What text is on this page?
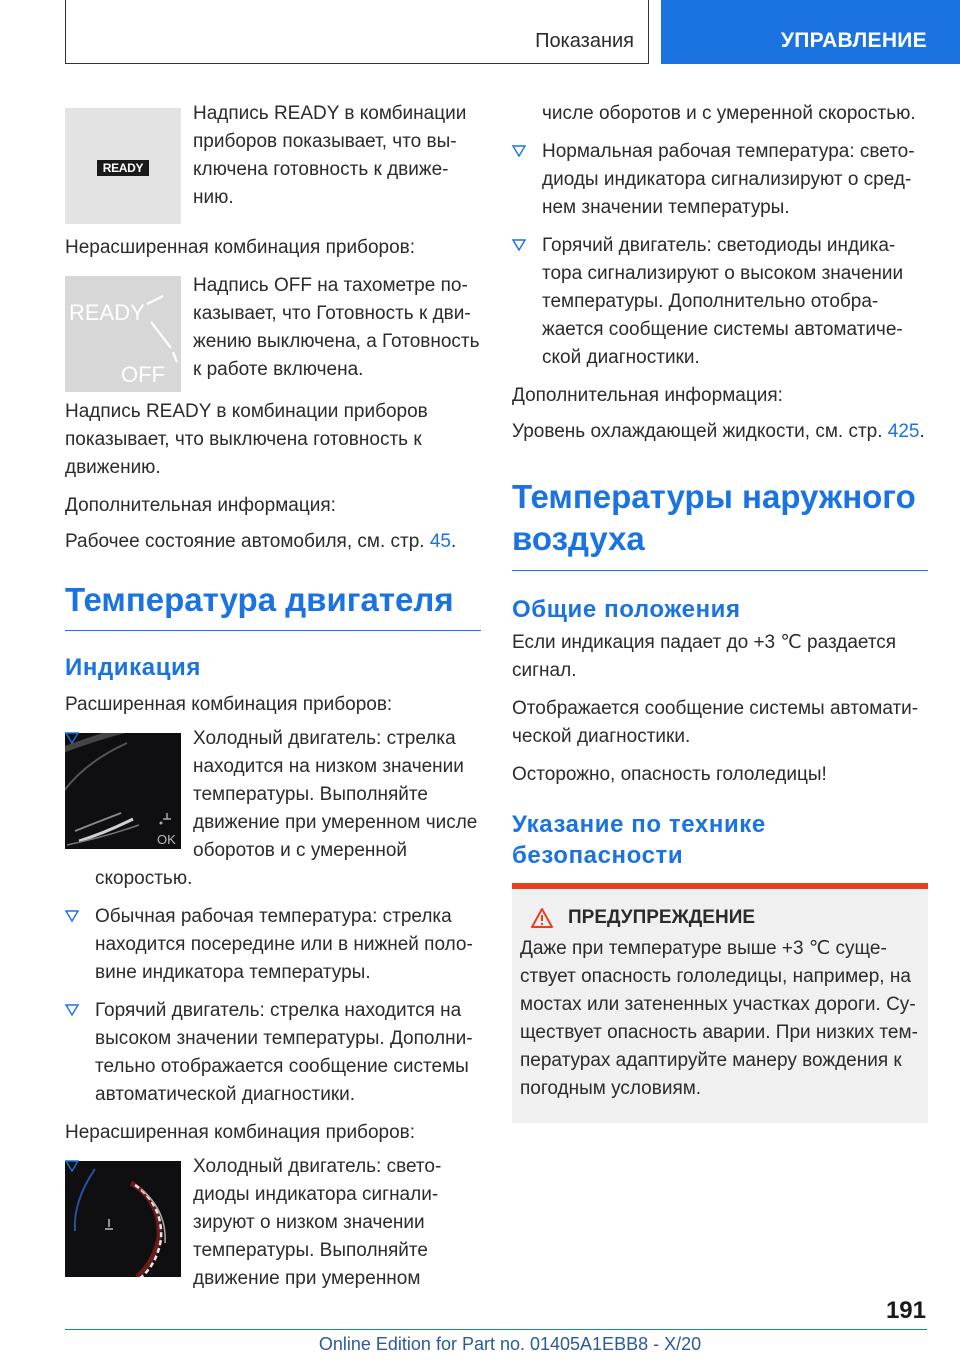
Показания	УПРАВЛЕНИЕ
READY

Надпись READY в комбинации приборов показывает, что выключена готовность к движению.

Нерасширенная комбинация приборов:

READY
OFF

Надпись OFF на тахометре показывает, что Готовность к движению выключена, а Готовность к работе включена.

Надпись READY в комбинации приборов показывает, что выключена готовность к движению.

Дополнительная информация:

Рабочее состояние автомобиля, см. стр. 45.

Температура двигателя
Индикация

Расширенная комбинация приборов:

OK

Холодный двигатель: стрелка находится на низком значении температуры. Выполняйте движение при умеренном числе оборотов и с умеренной скоростью.

Обычная рабочая температура: стрелка находится посередине или в нижней половине индикатора температуры.

Горячий двигатель: стрелка находится на высоком значении температуры. Дополнительно отображается сообщение системы автоматической диагностики.

Нерасширенная комбинация приборов:

Холодный двигатель: светодиоды индикатора сигнализируют о низком значении температуры. Выполняйте движение при умеренном

числе оборотов и с умеренной скоростью.

Нормальная рабочая температура: светодиоды индикатора сигнализируют о среднем значении температуры.

Горячий двигатель: светодиоды индикатора сигнализируют о высоком значении температуры. Дополнительно отображается сообщение системы автоматической диагностики.

Дополнительная информация:

Уровень охлаждающей жидкости, см. стр. 425.

Температуры наружного воздуха
Общие положения

Если индикация падает до +3 ℃ раздается сигнал.

Отображается сообщение системы автоматической диагностики.

Осторожно, опасность гололедицы!

Указание по технике безопасности
ПРЕДУПРЕЖДЕНИЕ

Даже при температуре выше +3 ℃ существует опасность гололедицы, например, на мостах или затененных участках дороги. Существует опасность аварии. При низких температурах адаптируйте манеру вождения к погодным условиям.

191
Online Edition for Part no. 01405A1EBB8 - X/20
